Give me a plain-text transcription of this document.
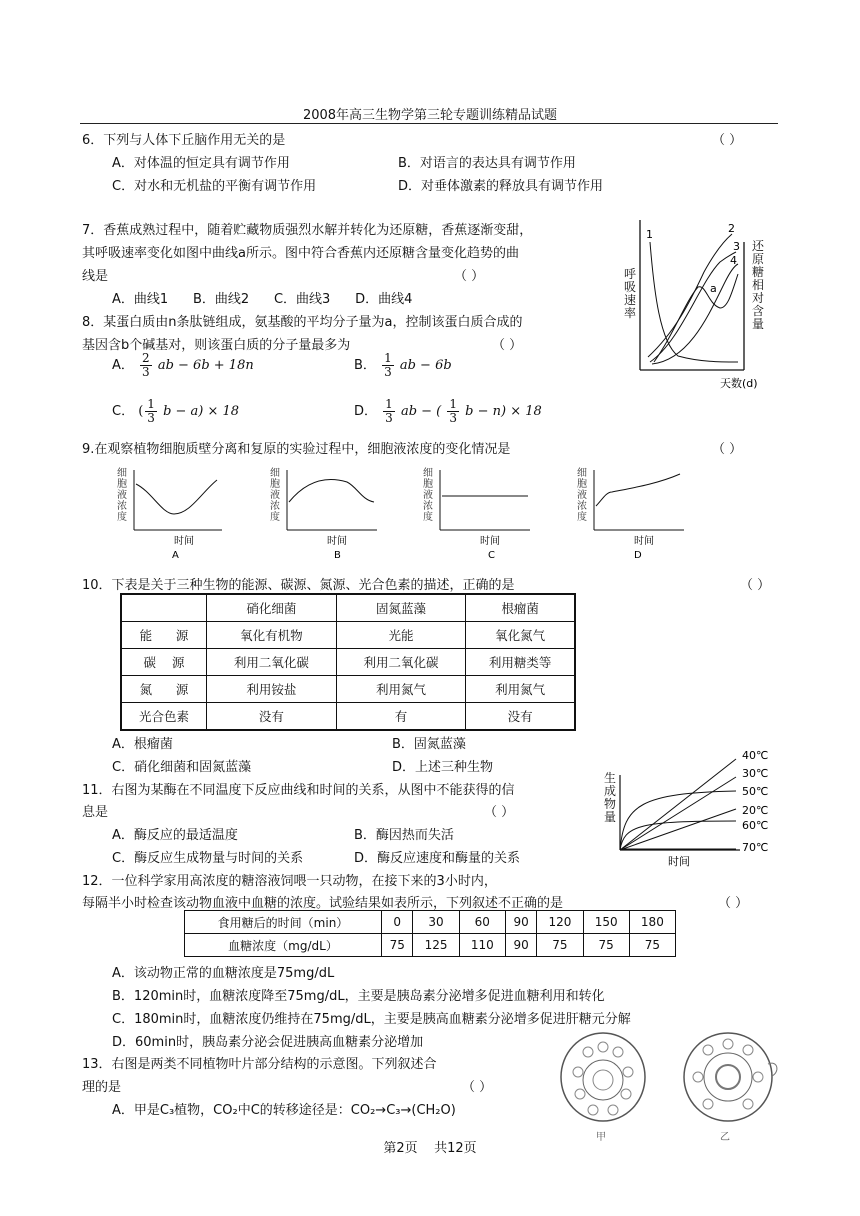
2008年高三生物学第三轮专题训练精品试题
6．下列与人体下丘脑作用无关的是	（ ）
A．对体温的恒定具有调节作用	B．对语言的表达具有调节作用
C．对水和无机盐的平衡有调节作用	D．对垂体激素的释放具有调节作用
7．香蕉成熟过程中，随着贮藏物质强烈水解并转化为还原糖，香蕉逐渐变甜，
其呼吸速率变化如图中曲线a所示。图中符合香蕉内还原糖含量变化趋势的曲
线是	（ ）
A．曲线1      B．曲线2      C．曲线3      D．曲线4
1	2
3
4
a
天数(d)
呼吸速率
还原糖相对含量
8．某蛋白质由n条肽链组成，氨基酸的平均分子量为a，控制该蛋白质合成的
基因含b个碱基对，则该蛋白质的分子量最多为	（ ）
A． $\frac{2}{3}$ ab − 6b + 18n	B． $\frac{1}{3}$ ab − 6b
C． ( $\frac{1}{3}$ b − a) × 18	D． $\frac{1}{3}$ ab − ( $\frac{1}{3}$ b − n) × 18
9.在观察植物细胞质壁分离和复原的实验过程中，细胞液浓度的变化情况是	（ ）
时间	时间	时间	时间
A	B	C	D
细胞液浓度
细胞液浓度
细胞液浓度
细胞液浓度
10．下表是关于三种生物的能源、碳源、氮源、光合色素的描述，正确的是	（ ）
	硝化细菌	固氮蓝藻	根瘤菌
能      源	氧化有机物	光能	氧化氮气
碳    源	利用二氧化碳	利用二氧化碳	利用糖类等
氮      源	利用铵盐	利用氮气	利用氮气
光合色素	没有	有	没有
A．根瘤菌	B．固氮蓝藻
C．硝化细菌和固氮蓝藻	D．上述三种生物
11．右图为某酶在不同温度下反应曲线和时间的关系，从图中不能获得的信
息是	（ ）
A．酶反应的最适温度	B．酶因热而失活
C．酶反应生成物量与时间的关系	D．酶反应速度和酶量的关系
40℃
30℃
50℃
20℃
60℃
70℃
时间
生成物量
12．一位科学家用高浓度的糖溶液饲喂一只动物，在接下来的3小时内，
每隔半小时检查该动物血液中血糖的浓度。试验结果如表所示，下列叙述不正确的是	（ ）
食用糖后的时间（min）	0	30	60	90	120	150	180
血糖浓度（mg/dL）	75	125	110	90	75	75	75
A．该动物正常的血糖浓度是75mg/dL
B．120min时，血糖浓度降至75mg/dL，主要是胰岛素分泌增多促进血糖利用和转化
C．180min时，血糖浓度仍维持在75mg/dL，主要是胰高血糖素分泌增多促进肝糖元分解
D．60min时，胰岛素分泌会促进胰高血糖素分泌增加
13．右图是两类不同植物叶片部分结构的示意图。下列叙述合
理的是	（ ）
A．甲是C₃植物，CO₂中C的转移途径是：CO₂→C₃→(CH₂O)
甲	乙
第2页    共12页
